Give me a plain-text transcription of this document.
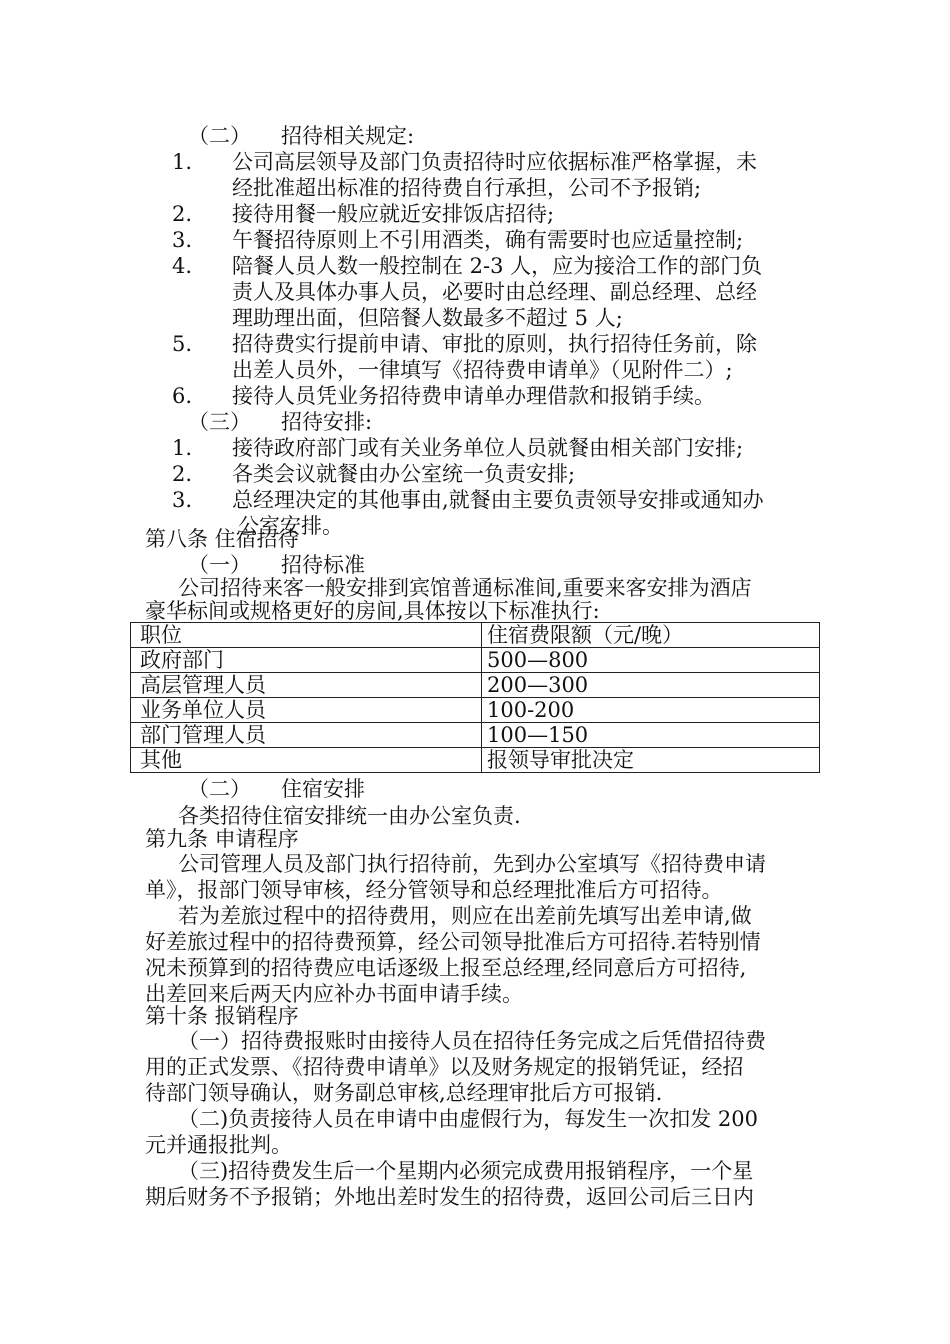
（二） 招待相关规定:
1. 公司高层领导及部门负责招待时应依据标准严格掌握，未
经批准超出标准的招待费自行承担，公司不予报销;
2. 接待用餐一般应就近安排饭店招待;
3. 午餐招待原则上不引用酒类，确有需要时也应适量控制;
4. 陪餐人员人数一般控制在 2-3 人，应为接洽工作的部门负
责人及具体办事人员，必要时由总经理、副总经理、总经
理助理出面，但陪餐人数最多不超过 5 人;
5. 招待费实行提前申请、审批的原则，执行招待任务前，除
出差人员外，一律填写《招待费申请单》（见附件二）;
6. 接待人员凭业务招待费申请单办理借款和报销手续。
（三） 招待安排:
1. 接待政府部门或有关业务单位人员就餐由相关部门安排;
2. 各类会议就餐由办公室统一负责安排;
3. 总经理决定的其他事由,就餐由主要负责领导安排或通知办
公室安排。
第八条 住宿招待
（一） 招待标准
公司招待来客一般安排到宾馆普通标准间,重要来客安排为酒店
豪华标间或规格更好的房间,具体按以下标准执行:
职位	住宿费限额（元/晚）
政府部门	500—800
高层管理人员	200—300
业务单位人员	100-200
部门管理人员	100—150
其他	报领导审批决定
（二） 住宿安排
各类招待住宿安排统一由办公室负责.
第九条 申请程序
公司管理人员及部门执行招待前，先到办公室填写《招待费申请
单》，报部门领导审核，经分管领导和总经理批准后方可招待。
若为差旅过程中的招待费用，则应在出差前先填写出差申请,做
好差旅过程中的招待费预算，经公司领导批准后方可招待.若特别情
况未预算到的招待费应电话逐级上报至总经理,经同意后方可招待,
出差回来后两天内应补办书面申请手续。
第十条 报销程序
（一）招待费报账时由接待人员在招待任务完成之后凭借招待费
用的正式发票、《招待费申请单》以及财务规定的报销凭证，经招
待部门领导确认，财务副总审核,总经理审批后方可报销.
（二)负责接待人员在申请中由虚假行为，每发生一次扣发 200
元并通报批判。
（三)招待费发生后一个星期内必须完成费用报销程序，一个星
期后财务不予报销；外地出差时发生的招待费，返回公司后三日内
